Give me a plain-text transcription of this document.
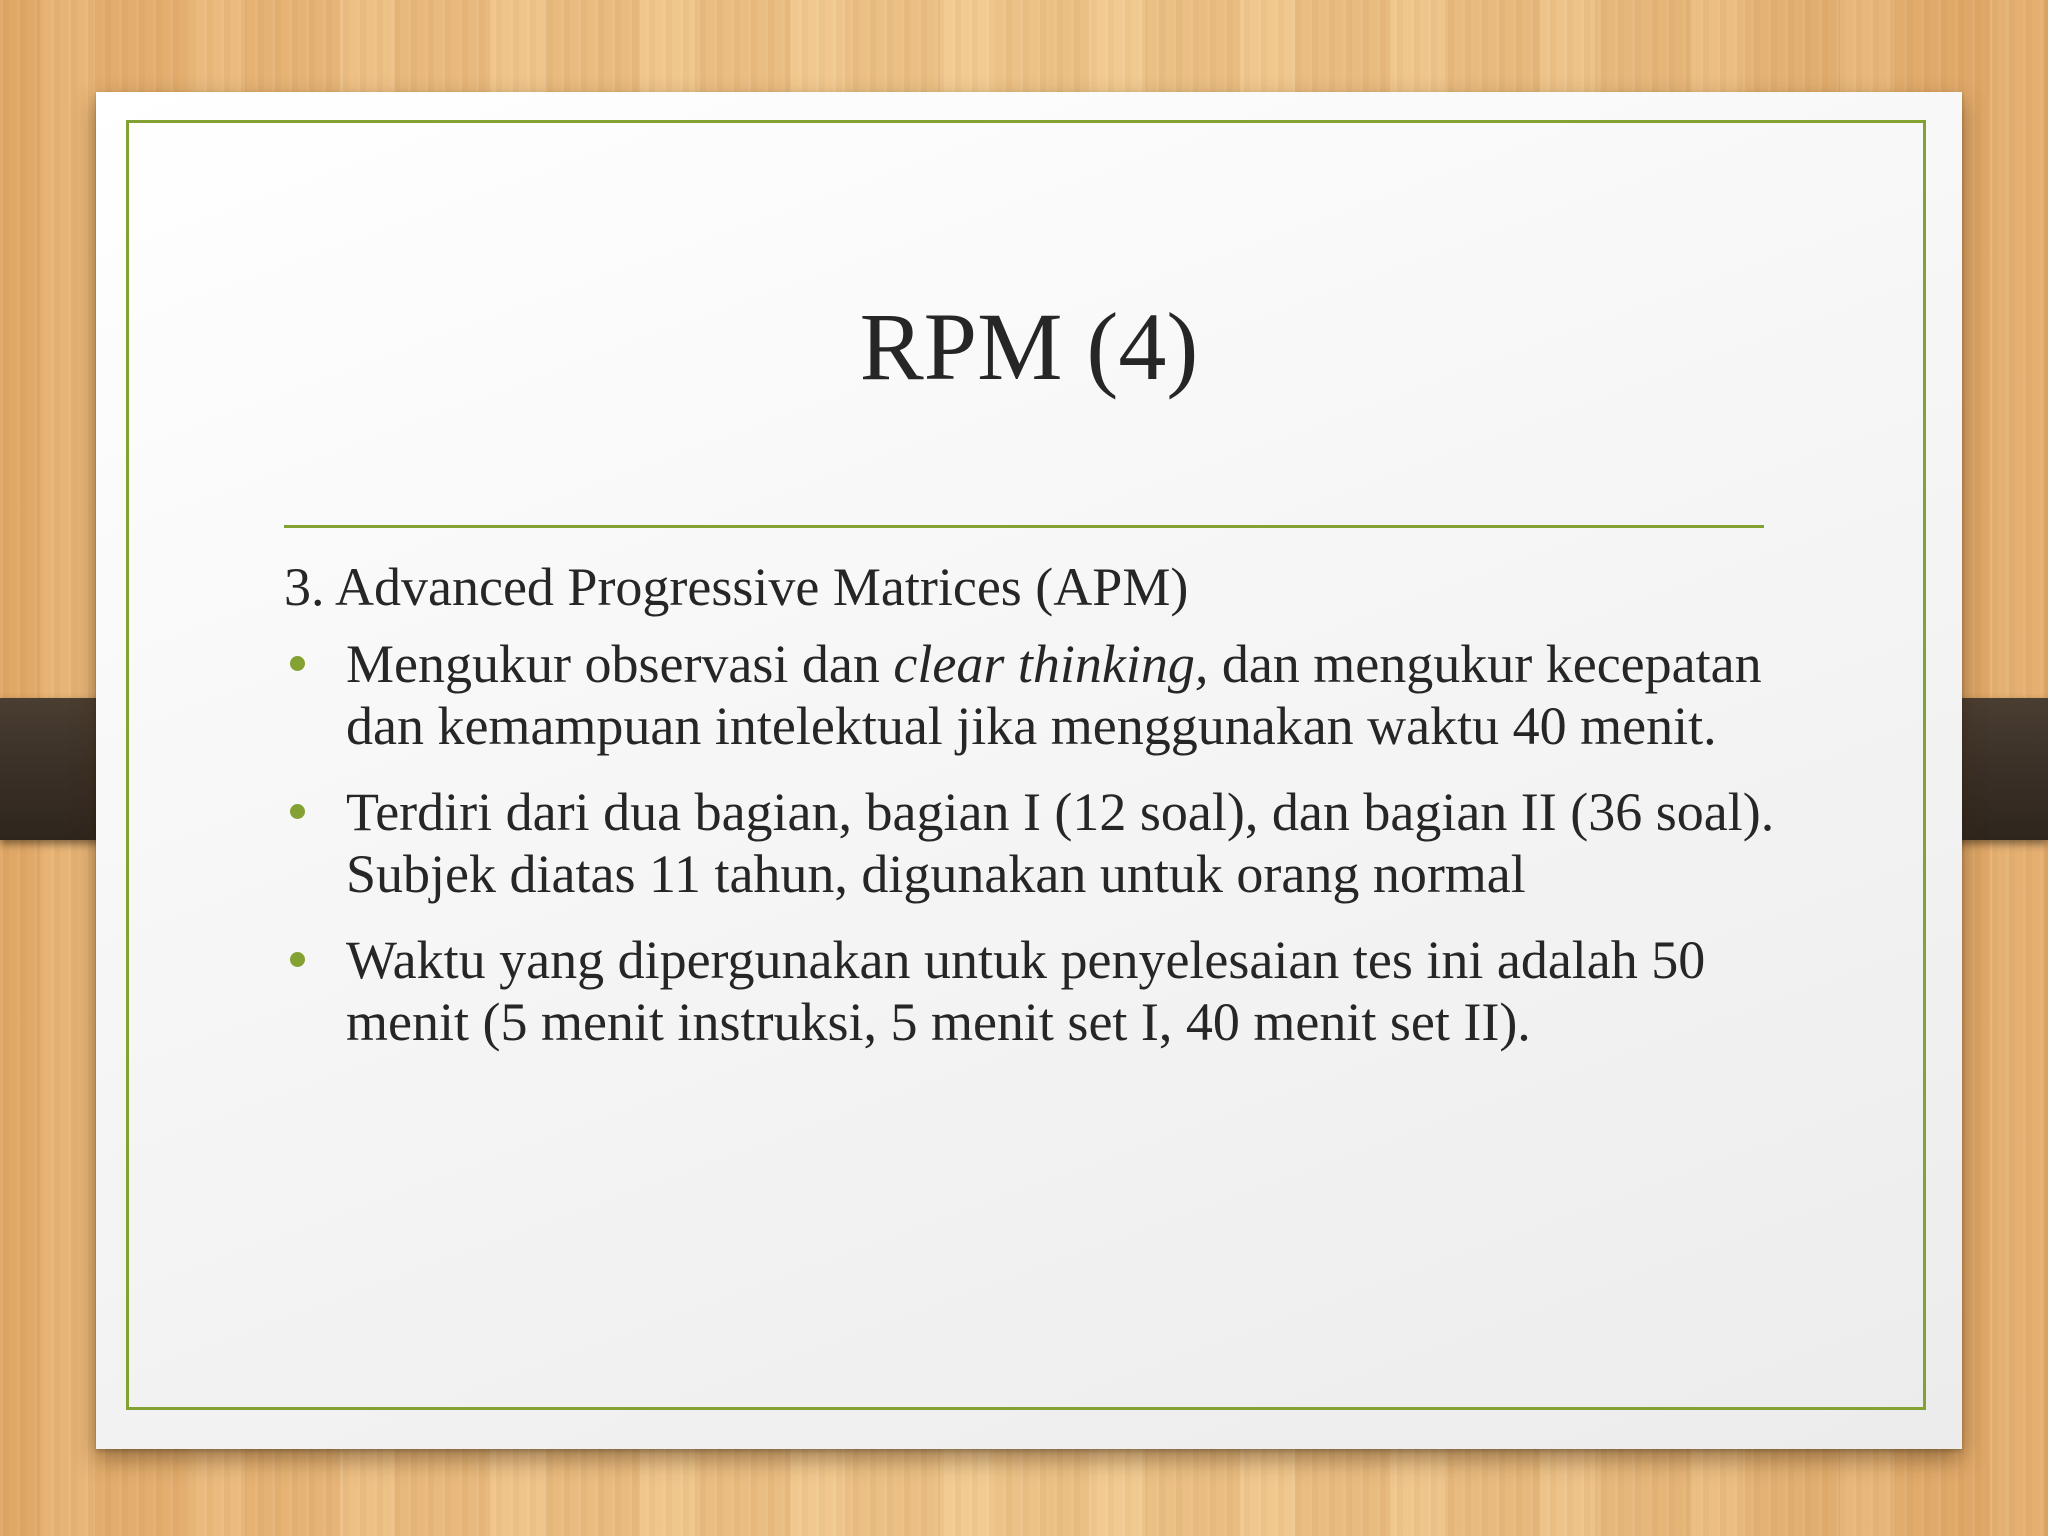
RPM (4)
3. Advanced Progressive Matrices (APM)
Mengukur observasi dan clear thinking, dan mengukur kecepatan dan kemampuan intelektual jika menggunakan waktu 40 menit.
Terdiri dari dua bagian, bagian I (12 soal), dan bagian II (36 soal). Subjek diatas 11 tahun, digunakan untuk orang normal
Waktu yang dipergunakan untuk penyelesaian tes ini adalah 50 menit (5 menit instruksi, 5 menit set I, 40 menit set II).
